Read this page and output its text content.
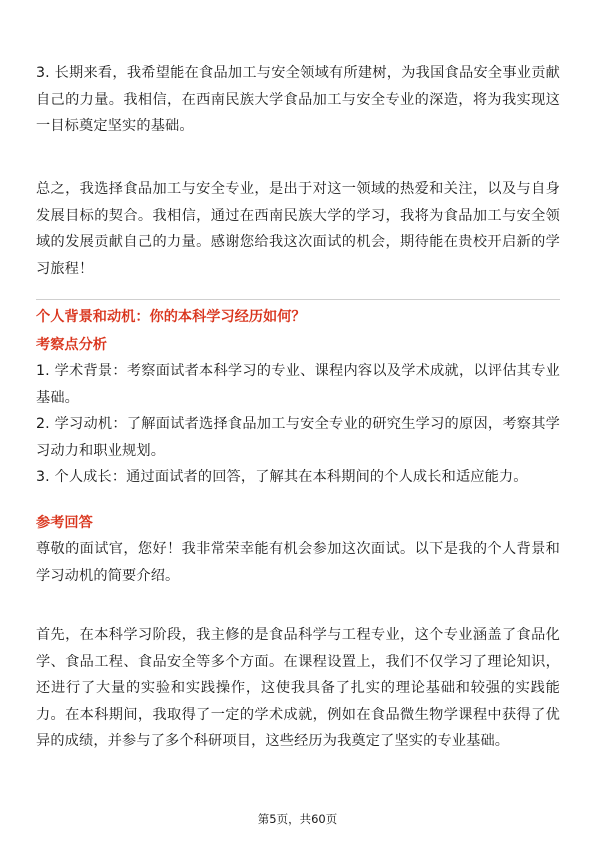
3. 长期来看，我希望能在食品加工与安全领域有所建树，为我国食品安全事业贡献自己的力量。我相信，在西南民族大学食品加工与安全专业的深造，将为我实现这一目标奠定坚实的基础。

总之，我选择食品加工与安全专业，是出于对这一领域的热爱和关注，以及与自身发展目标的契合。我相信，通过在西南民族大学的学习，我将为食品加工与安全领域的发展贡献自己的力量。感谢您给我这次面试的机会，期待能在贵校开启新的学习旅程！

个人背景和动机：你的本科学习经历如何？

考察点分析

1. 学术背景：考察面试者本科学习的专业、课程内容以及学术成就，以评估其专业基础。

2. 学习动机：了解面试者选择食品加工与安全专业的研究生学习的原因，考察其学习动力和职业规划。

3. 个人成长：通过面试者的回答，了解其在本科期间的个人成长和适应能力。

参考回答

尊敬的面试官，您好！我非常荣幸能有机会参加这次面试。以下是我的个人背景和学习动机的简要介绍。

首先，在本科学习阶段，我主修的是食品科学与工程专业，这个专业涵盖了食品化学、食品工程、食品安全等多个方面。在课程设置上，我们不仅学习了理论知识，还进行了大量的实验和实践操作，这使我具备了扎实的理论基础和较强的实践能力。在本科期间，我取得了一定的学术成就，例如在食品微生物学课程中获得了优异的成绩，并参与了多个科研项目，这些经历为我奠定了坚实的专业基础。

第5页，共60页
